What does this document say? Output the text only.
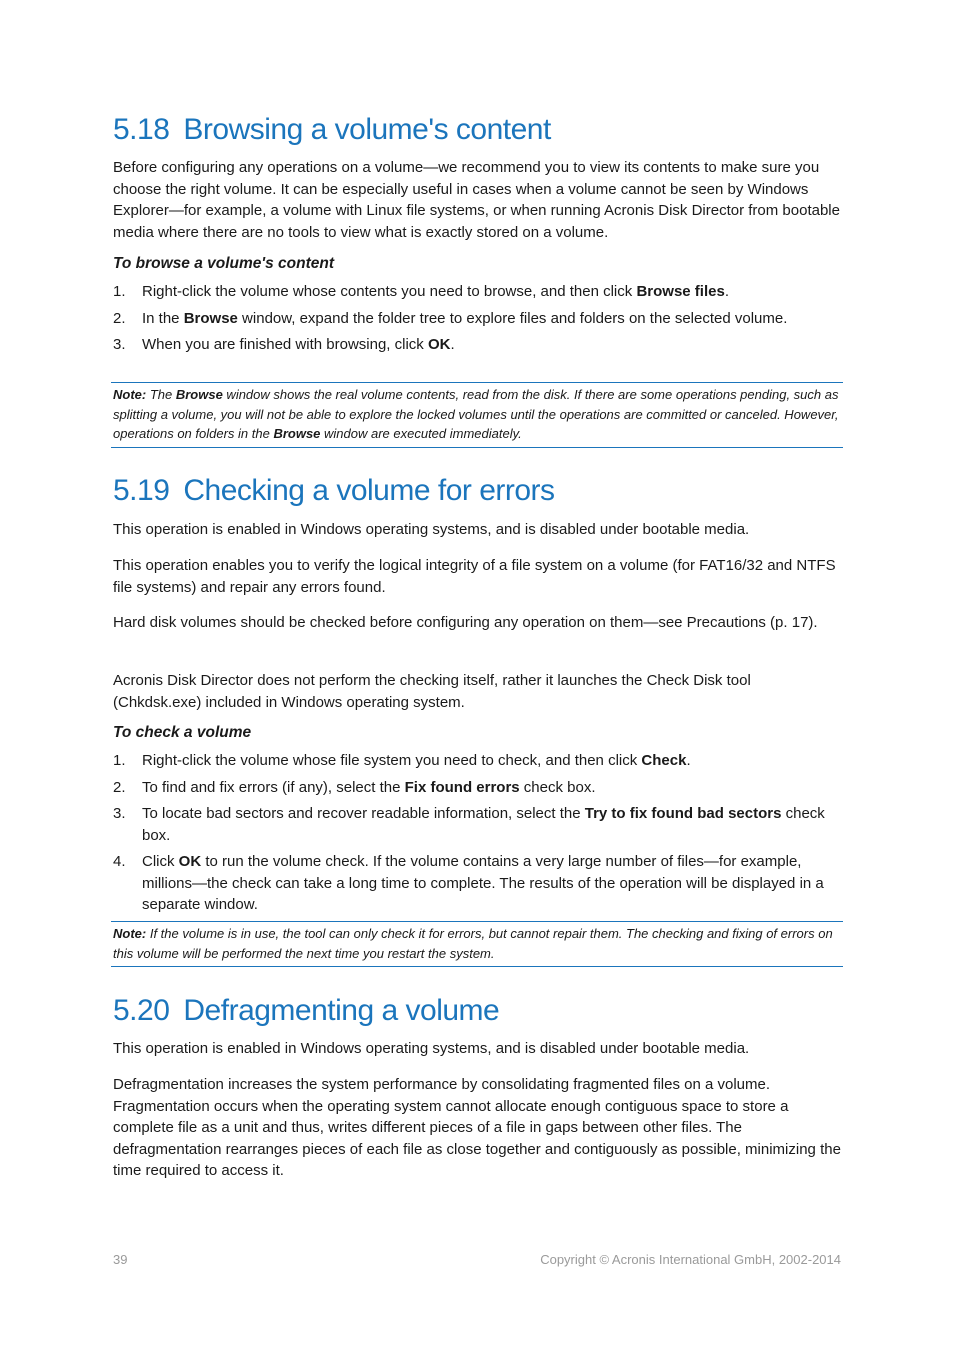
5.18 Browsing a volume's content

Before configuring any operations on a volume—we recommend you to view its contents to make sure you choose the right volume. It can be especially useful in cases when a volume cannot be seen by Windows Explorer—for example, a volume with Linux file systems, or when running Acronis Disk Director from bootable media where there are no tools to view what is exactly stored on a volume.

To browse a volume's content
1. Right-click the volume whose contents you need to browse, and then click Browse files.
2. In the Browse window, expand the folder tree to explore files and folders on the selected volume.
3. When you are finished with browsing, click OK.
Note: The Browse window shows the real volume contents, read from the disk. If there are some operations pending, such as splitting a volume, you will not be able to explore the locked volumes until the operations are committed or canceled. However, operations on folders in the Browse window are executed immediately.
5.19 Checking a volume for errors

This operation is enabled in Windows operating systems, and is disabled under bootable media.

This operation enables you to verify the logical integrity of a file system on a volume (for FAT16/32 and NTFS file systems) and repair any errors found.

Hard disk volumes should be checked before configuring any operation on them—see Precautions (p. 17).

Acronis Disk Director does not perform the checking itself, rather it launches the Check Disk tool (Chkdsk.exe) included in Windows operating system.

To check a volume
1. Right-click the volume whose file system you need to check, and then click Check.
2. To find and fix errors (if any), select the Fix found errors check box.
3. To locate bad sectors and recover readable information, select the Try to fix found bad sectors check box.
4. Click OK to run the volume check. If the volume contains a very large number of files—for example, millions—the check can take a long time to complete. The results of the operation will be displayed in a separate window.
Note: If the volume is in use, the tool can only check it for errors, but cannot repair them. The checking and fixing of errors on this volume will be performed the next time you restart the system.
5.20 Defragmenting a volume

This operation is enabled in Windows operating systems, and is disabled under bootable media.

Defragmentation increases the system performance by consolidating fragmented files on a volume. Fragmentation occurs when the operating system cannot allocate enough contiguous space to store a complete file as a unit and thus, writes different pieces of a file in gaps between other files. The defragmentation rearranges pieces of each file as close together and contiguously as possible, minimizing the time required to access it.

39	Copyright © Acronis International GmbH, 2002-2014
